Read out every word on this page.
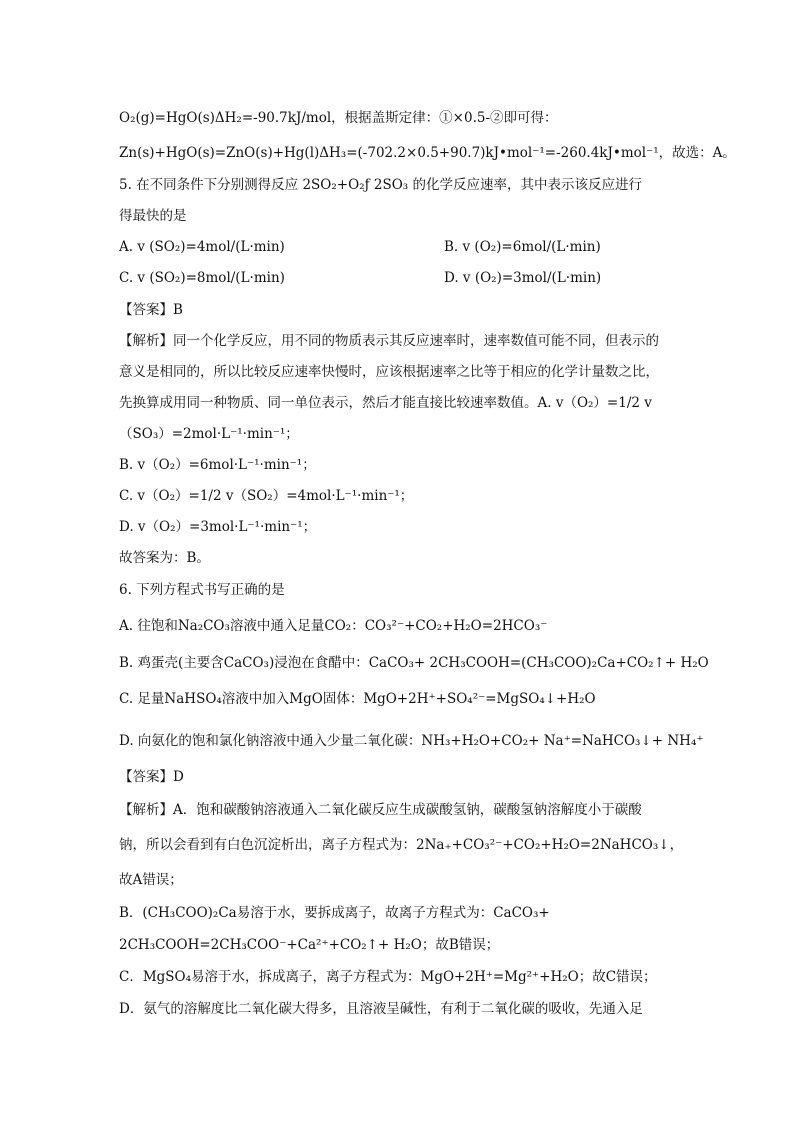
O₂(g)=HgO(s)ΔH₂=-90.7kJ/mol，根据盖斯定律：①×0.5-②即可得：
Zn(s)+HgO(s)=ZnO(s)+Hg(l)ΔH₃=(-702.2×0.5+90.7)kJ•mol⁻¹=-260.4kJ•mol⁻¹，故选：A。
5. 在不同条件下分别测得反应 2SO₂+O₂ƒ 2SO₃ 的化学反应速率，其中表示该反应进行
得最快的是
A. v (SO₂)=4mol/(L·min)	B. v (O₂)=6mol/(L·min)
C. v (SO₂)=8mol/(L·min)	D. v (O₂)=3mol/(L·min)
【答案】B
【解析】同一个化学反应，用不同的物质表示其反应速率时，速率数值可能不同，但表示的
意义是相同的，所以比较反应速率快慢时，应该根据速率之比等于相应的化学计量数之比，
先换算成用同一种物质、同一单位表示，然后才能直接比较速率数值。A. v（O₂）=1/2 v
（SO₃）=2mol·L⁻¹·min⁻¹；
B. v（O₂）=6mol·L⁻¹·min⁻¹；
C. v（O₂）=1/2 v（SO₂）=4mol·L⁻¹·min⁻¹；
D. v（O₂）=3mol·L⁻¹·min⁻¹；
故答案为：B。
6. 下列方程式书写正确的是
A. 往饱和Na₂CO₃溶液中通入足量CO₂：CO₃²⁻+CO₂+H₂O=2HCO₃⁻
B. 鸡蛋壳(主要含CaCO₃)浸泡在食醋中：CaCO₃+ 2CH₃COOH=(CH₃COO)₂Ca+CO₂↑+ H₂O
C. 足量NaHSO₄溶液中加入MgO固体：MgO+2H⁺+SO₄²⁻=MgSO₄↓+H₂O
D. 向氨化的饱和氯化钠溶液中通入少量二氧化碳：NH₃+H₂O+CO₂+ Na⁺=NaHCO₃↓+ NH₄⁺
【答案】D
【解析】A．饱和碳酸钠溶液通入二氧化碳反应生成碳酸氢钠，碳酸氢钠溶解度小于碳酸
钠，所以会看到有白色沉淀析出，离子方程式为：2Na₊+CO₃²⁻+CO₂+H₂O=2NaHCO₃↓，
故A错误；
B．(CH₃COO)₂Ca易溶于水，要拆成离子，故离子方程式为：CaCO₃+
2CH₃COOH=2CH₃COO⁻+Ca²⁺+CO₂↑+ H₂O；故B错误；
C．MgSO₄易溶于水，拆成离子，离子方程式为：MgO+2H⁺=Mg²⁺+H₂O；故C错误；
D．氨气的溶解度比二氧化碳大得多，且溶液呈碱性，有利于二氧化碳的吸收，先通入足
